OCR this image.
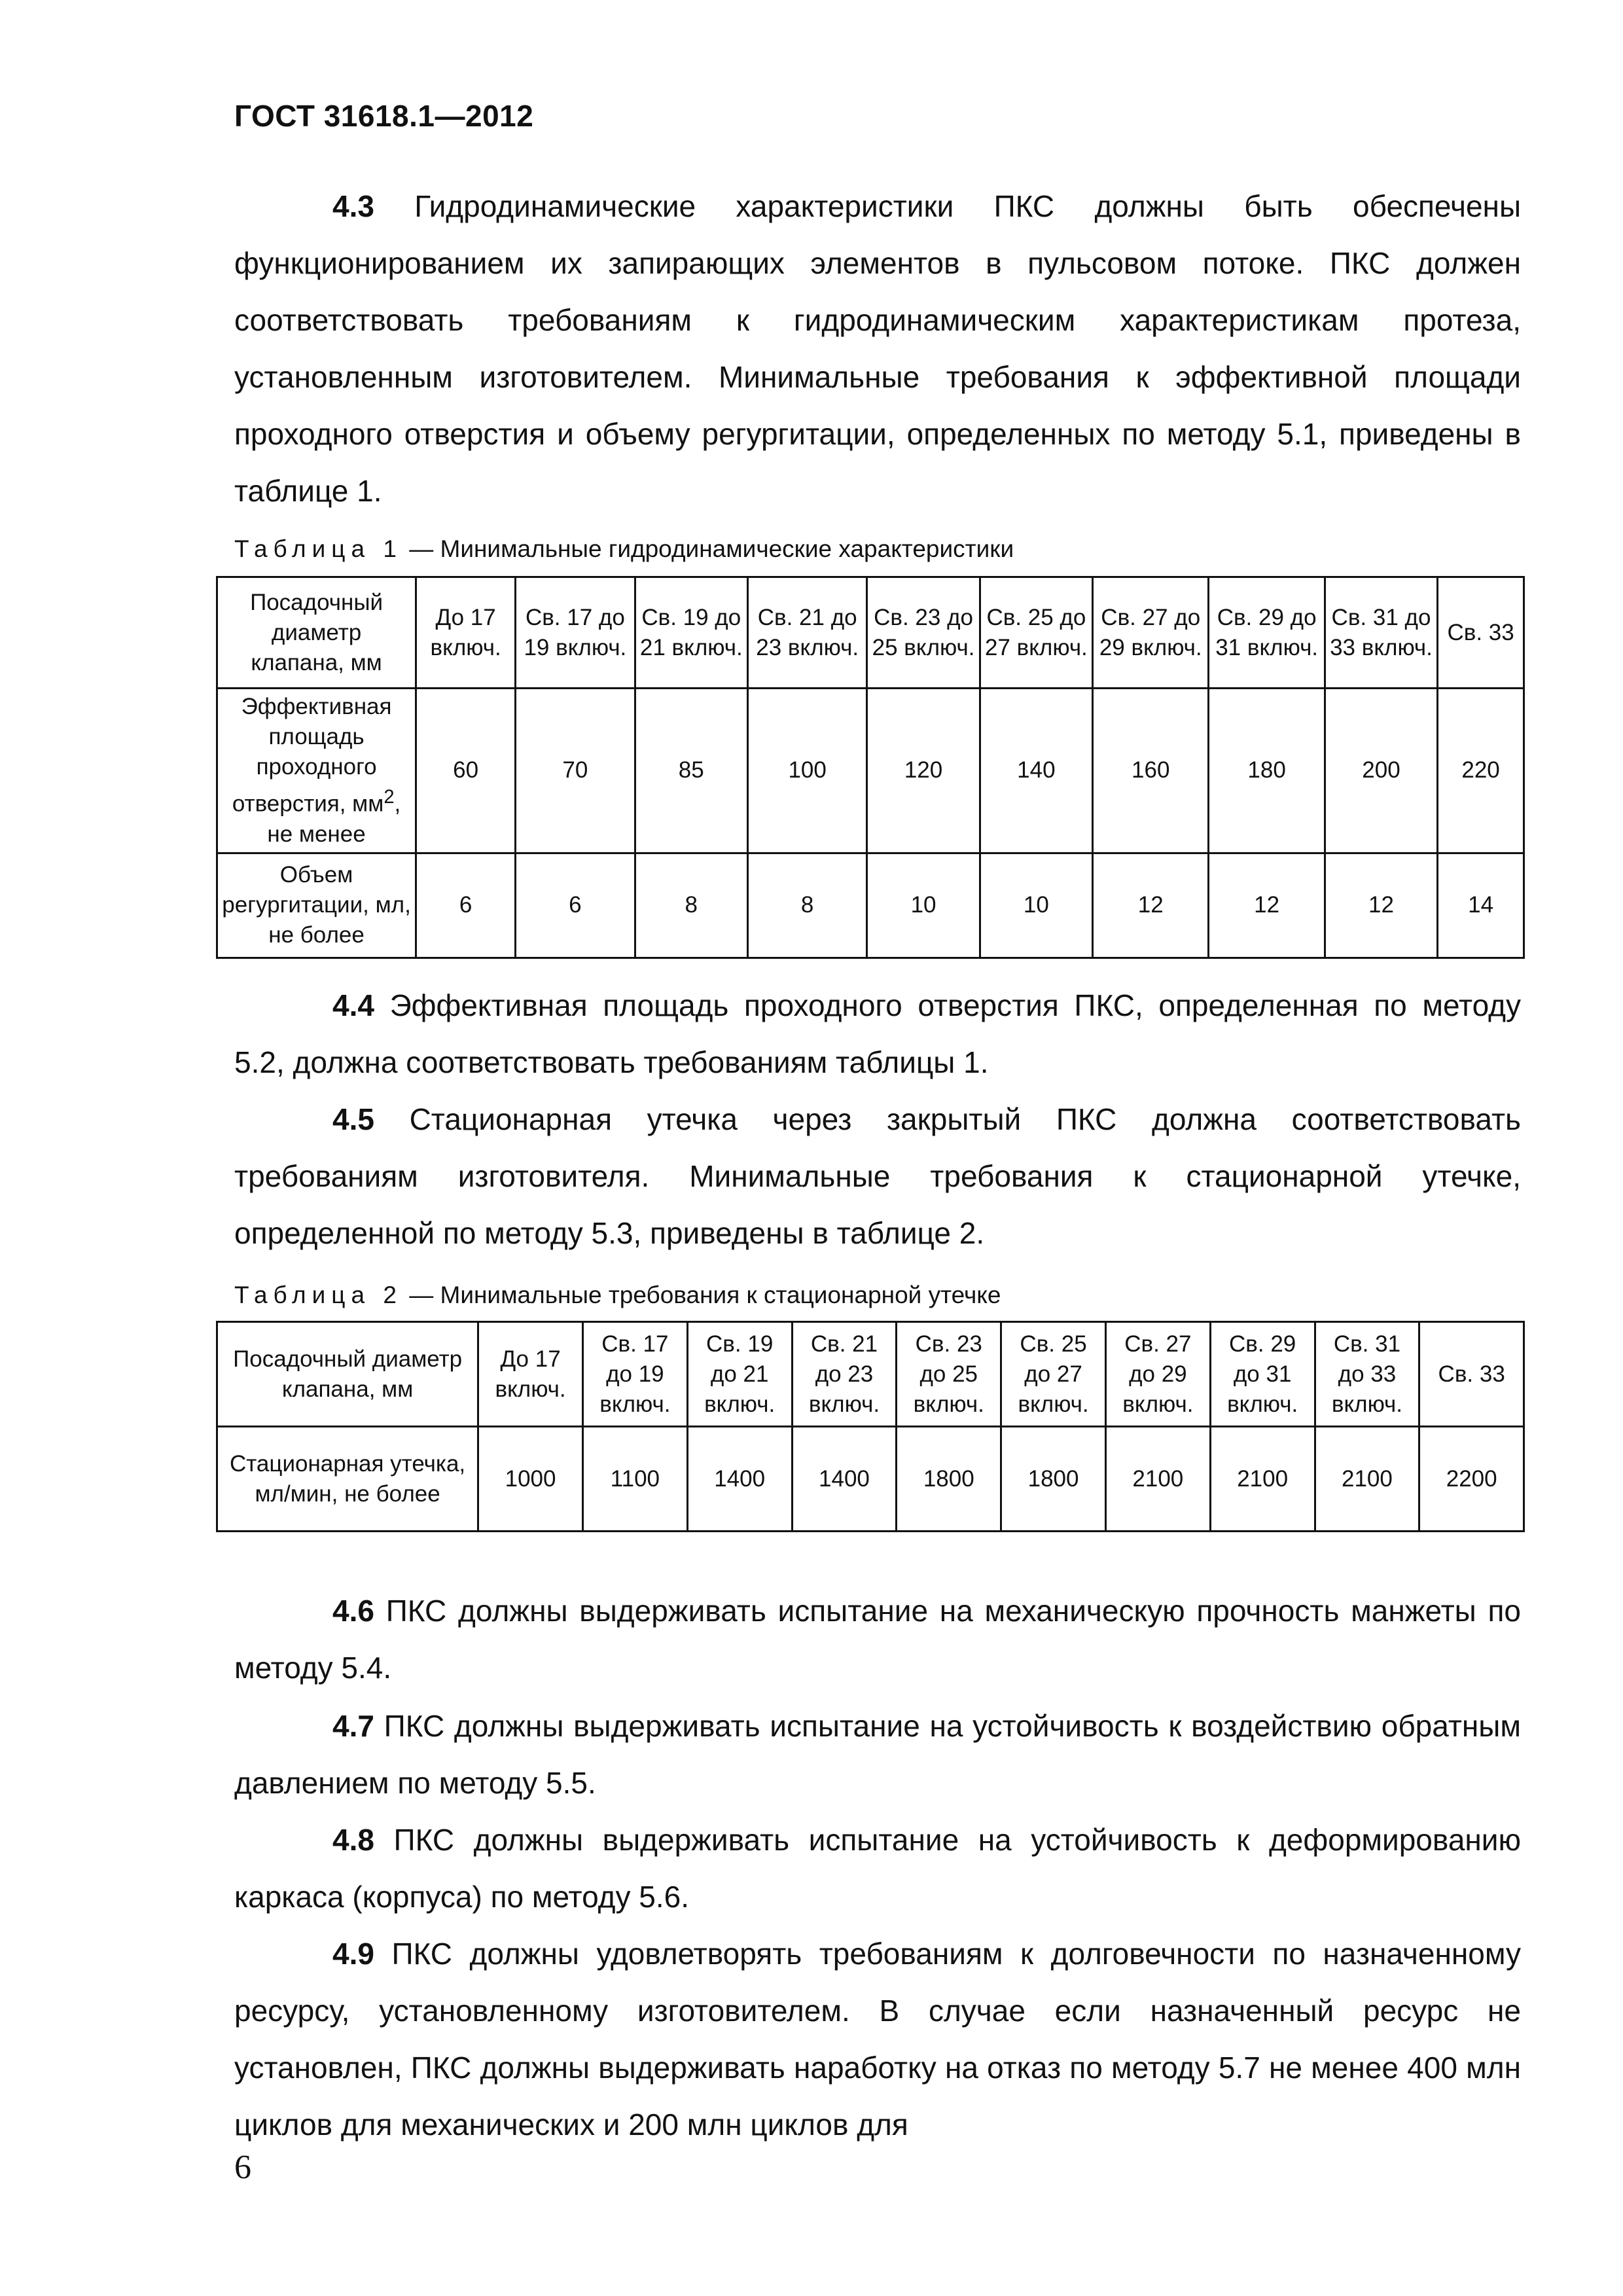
ГОСТ 31618.1—2012
4.3 Гидродинамические характеристики ПКС должны быть обеспечены функционированием их запирающих элементов в пульсовом потоке. ПКС должен соответствовать требованиям к гидродинамическим характеристикам протеза, установленным изготовителем. Минимальные требования к эффективной площади проходного отверстия и объему регургитации, определенных по методу 5.1, приведены в таблице 1.
Таблица 1 — Минимальные гидродинамические характеристики
Посадочный диаметр клапана, мм	До 17 включ.	Св. 17 до 19 включ.	Св. 19 до 21 включ.	Св. 21 до 23 включ.	Св. 23 до 25 включ.	Св. 25 до 27 включ.	Св. 27 до 29 включ.	Св. 29 до 31 включ.	Св. 31 до 33 включ.	Св. 33
Эффективная площадь проходного отверстия, $мм^2$, не менее	60	70	85	100	120	140	160	180	200	220
Объем регургитации, мл, не более	6	6	8	8	10	10	12	12	12	14
4.4 Эффективная площадь проходного отверстия ПКС, определенная по методу 5.2, должна соответствовать требованиям таблицы 1.
4.5 Стационарная утечка через закрытый ПКС должна соответствовать требованиям изготовителя. Минимальные требования к стационарной утечке, определенной по методу 5.3, приведены в таблице 2.
Таблица 2 — Минимальные требования к стационарной утечке
Посадочный диаметр клапана, мм	До 17 включ.	Св. 17 до 19 включ.	Св. 19 до 21 включ.	Св. 21 до 23 включ.	Св. 23 до 25 включ.	Св. 25 до 27 включ.	Св. 27 до 29 включ.	Св. 29 до 31 включ.	Св. 31 до 33 включ.	Св. 33
Стационарная утечка, мл/мин, не более	1000	1100	1400	1400	1800	1800	2100	2100	2100	2200
4.6 ПКС должны выдерживать испытание на механическую прочность манжеты по методу 5.4.
4.7 ПКС должны выдерживать испытание на устойчивость к воздействию обратным давлением по методу 5.5.
4.8 ПКС должны выдерживать испытание на устойчивость к деформированию каркаса (корпуса) по методу 5.6.
4.9 ПКС должны удовлетворять требованиям к долговечности по назначенному ресурсу, установленному изготовителем. В случае если назначенный ресурс не установлен, ПКС должны выдерживать наработку на отказ по методу 5.7 не менее 400 млн циклов для механических и 200 млн циклов для
6
